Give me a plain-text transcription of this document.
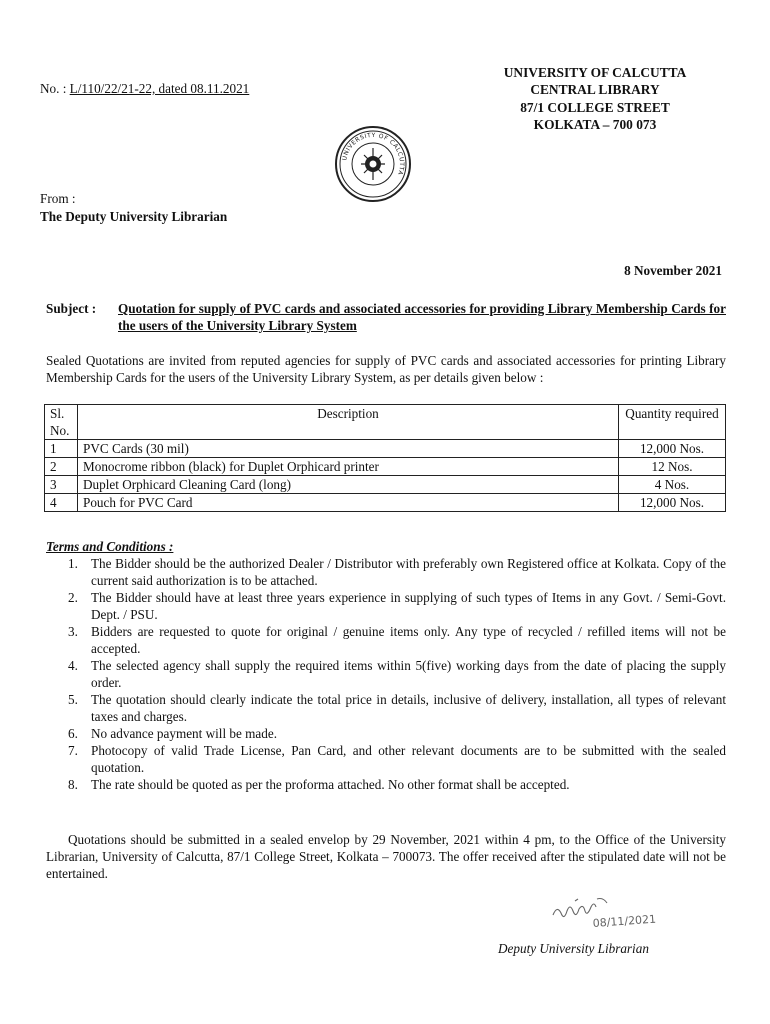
No. : L/110/22/21-22, dated 08.11.2021
UNIVERSITY OF CALCUTTA
CENTRAL LIBRARY
87/1 COLLEGE STREET
KOLKATA – 700 073
UNIVERSITY OF CALCUTTA
From :
The Deputy University Librarian
8 November 2021
Subject : Quotation for supply of PVC cards and associated accessories for providing Library Membership Cards for the users of the University Library System
Sealed Quotations are invited from reputed agencies for supply of PVC cards and associated accessories for printing Library Membership Cards for the users of the University Library System, as per details given below :
Sl. No.	Description	Quantity required
1	PVC Cards (30 mil)	12,000 Nos.
2	Monocrome ribbon (black) for Duplet Orphicard printer	12 Nos.
3	Duplet Orphicard Cleaning Card (long)	4 Nos.
4	Pouch for PVC Card	12,000 Nos.
Terms and Conditions :
1. The Bidder should be the authorized Dealer / Distributor with preferably own Registered office at Kolkata. Copy of the current said authorization is to be attached.
2. The Bidder should have at least three years experience in supplying of such types of Items in any Govt. / Semi-Govt. Dept. / PSU.
3. Bidders are requested to quote for original / genuine items only. Any type of recycled / refilled items will not be accepted.
4. The selected agency shall supply the required items within 5(five) working days from the date of placing the supply order.
5. The quotation should clearly indicate the total price in details, inclusive of delivery, installation, all types of relevant taxes and charges.
6. No advance payment will be made.
7. Photocopy of valid Trade License, Pan Card, and other relevant documents are to be submitted with the sealed quotation.
8. The rate should be quoted as per the proforma attached. No other format shall be accepted.
Quotations should be submitted in a sealed envelop by 29 November, 2021 within 4 pm, to the Office of the University Librarian, University of Calcutta, 87/1 College Street, Kolkata – 700073. The offer received after the stipulated date will not be entertained.
08/11/2021
Deputy University Librarian
